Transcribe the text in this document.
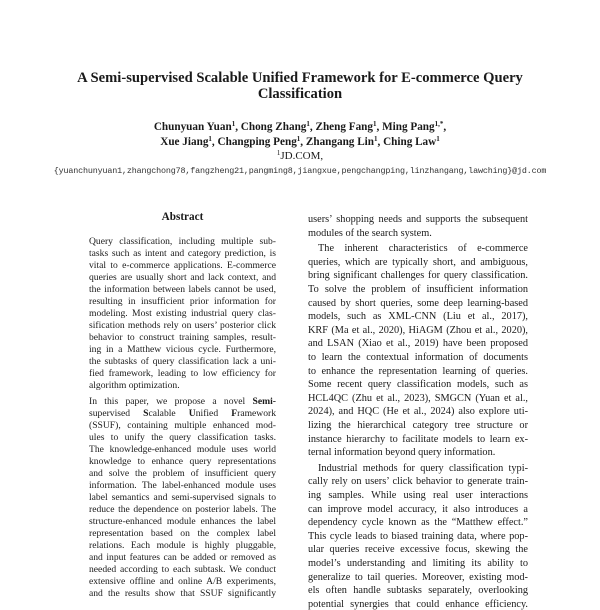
A Semi-supervised Scalable Unified Framework for E-commerce Query
Classification
Chunyuan Yuan$^1$, Chong Zhang$^1$, Zheng Fang$^1$, Ming Pang$^{1,*}$,
Xue Jiang$^1$, Changping Peng$^1$, Zhangang Lin$^1$, Ching Law$^1$
$^1$JD.COM,
{yuanchunyuan1,zhangchong78,fangzheng21,pangming8,jiangxue,pengchangping,linzhangang,lawching}@jd.com
Abstract
Query classification, including multiple sub-
tasks such as intent and category prediction, is
vital to e-commerce applications. E-commerce
queries are usually short and lack context, and
the information between labels cannot be used,
resulting in insufficient prior information for
modeling. Most existing industrial query clas-
sification methods rely on users’ posterior click
behavior to construct training samples, result-
ing in a Matthew vicious cycle. Furthermore,
the subtasks of query classification lack a uni-
fied framework, leading to low efficiency for
algorithm optimization.
In this paper, we propose a novel Semi-
supervised Scalable Unified Framework
(SSUF), containing multiple enhanced mod-
ules to unify the query classification tasks.
The knowledge-enhanced module uses world
knowledge to enhance query representations
and solve the problem of insufficient query
information. The label-enhanced module uses
label semantics and semi-supervised signals to
reduce the dependence on posterior labels. The
structure-enhanced module enhances the label
representation based on the complex label
relations. Each module is highly pluggable,
and input features can be added or removed as
needed according to each subtask. We conduct
extensive offline and online A/B experiments,
and the results show that SSUF significantly
users’ shopping needs and supports the subsequent
modules of the search system.
The inherent characteristics of e-commerce
queries, which are typically short, and ambiguous,
bring significant challenges for query classification.
To solve the problem of insufficient information
caused by short queries, some deep learning-based
models, such as XML-CNN (Liu et al., 2017),
KRF (Ma et al., 2020), HiAGM (Zhou et al., 2020),
and LSAN (Xiao et al., 2019) have been proposed
to learn the contextual information of documents
to enhance the representation learning of queries.
Some recent query classification models, such as
HCL4QC (Zhu et al., 2023), SMGCN (Yuan et al.,
2024), and HQC (He et al., 2024) also explore uti-
lizing the hierarchical category tree structure or
instance hierarchy to facilitate models to learn ex-
ternal information beyond query information.
Industrial methods for query classification typi-
cally rely on users’ click behavior to generate train-
ing samples. While using real user interactions
can improve model accuracy, it also introduces a
dependency cycle known as the “Matthew effect.”
This cycle leads to biased training data, where pop-
ular queries receive excessive focus, skewing the
model’s understanding and limiting its ability to
generalize to tail queries. Moreover, existing mod-
els often handle subtasks separately, overlooking
potential synergies that could enhance efficiency.
